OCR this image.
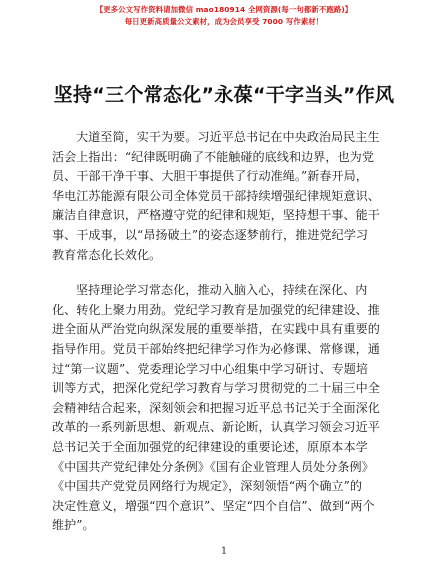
【更多公文写作资料请加微信 mao180914 全网资源(每一句都新不跑路)】
每日更新高质量公文素材，成为会员享受 7000 写作素材！
坚持“三个常态化”永葆“干字当头”作风
大道至简，实干为要。习近平总书记在中央政治局民主生
活会上指出：“纪律既明确了不能触碰的底线和边界，也为党
员、干部干净干事、大胆干事提供了行动准绳。”新春开局，
华电江苏能源有限公司全体党员干部持续增强纪律规矩意识、
廉洁自律意识，严格遵守党的纪律和规矩，坚持想干事、能干
事、干成事，以“昂扬破土”的姿态逐梦前行，推进党纪学习
教育常态化长效化。
坚持理论学习常态化，推动入脑入心，持续在深化、内
化、转化上聚力用劲。党纪学习教育是加强党的纪律建设、推
进全面从严治党向纵深发展的重要举措，在实践中具有重要的
指导作用。党员干部始终把纪律学习作为必修课、常修课，通
过“第一议题”、党委理论学习中心组集中学习研讨、专题培
训等方式，把深化党纪学习教育与学习贯彻党的二十届三中全
会精神结合起来，深刻领会和把握习近平总书记关于全面深化
改革的一系列新思想、新观点、新论断，认真学习领会习近平
总书记关于全面加强党的纪律建设的重要论述，原原本本学
《中国共产党纪律处分条例》《国有企业管理人员处分条例》
《中国共产党党员网络行为规定》，深刻领悟“两个确立”的
决定性意义，增强“四个意识”、坚定“四个自信”、做到“两个
维护”。
1
